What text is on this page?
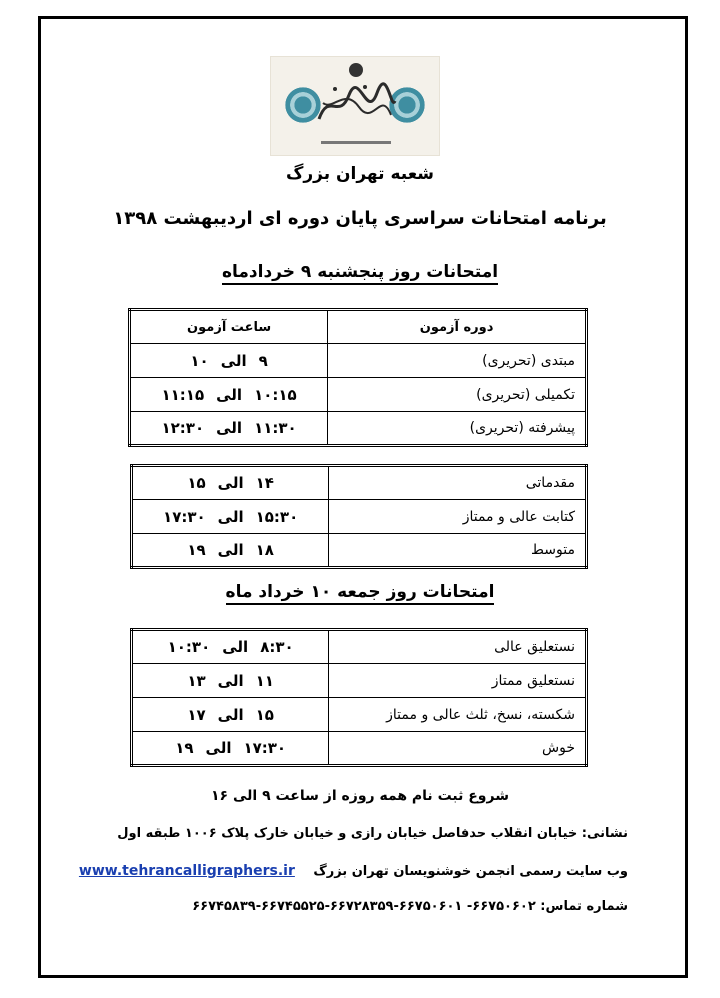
شعبه تهران بزرگ
برنامه امتحانات سراسری پایان دوره ای اردیبهشت ۱۳۹۸
امتحانات روز پنجشنبه ۹ خردادماه
دوره آزمون	ساعت آزمون
مبتدی (تحریری)	۹الی۱۰
تکمیلی (تحریری)	۱۰:۱۵الی۱۱:۱۵
پیشرفته (تحریری)	۱۱:۳۰الی۱۲:۳۰
مقدماتی	۱۴الی۱۵
کتابت عالی و ممتاز	۱۵:۳۰الی۱۷:۳۰
متوسط	۱۸الی۱۹
امتحانات روز جمعه ۱۰ خرداد ماه
نستعلیق عالی	۸:۳۰الی۱۰:۳۰
نستعلیق ممتاز	۱۱الی۱۳
شکسته، نسخ، ثلث عالی و ممتاز	۱۵الی۱۷
خوش	۱۷:۳۰الی۱۹
شروع ثبت نام همه روزه از ساعت ۹ الی ۱۶
نشانی: خیابان انقلاب حدفاصل خیابان رازی و خیابان خارک پلاک ۱۰۰۶ طبقه اول
وب سایت رسمی انجمن خوشنویسان تهران بزرگ www.tehrancalligraphers.ir
شماره تماس: ۶۶۷۵۰۶۰۲- ۶۶۷۵۰۶۰۱-۶۶۷۲۸۳۵۹-۶۶۷۴۵۵۲۵-۶۶۷۴۵۸۳۹
